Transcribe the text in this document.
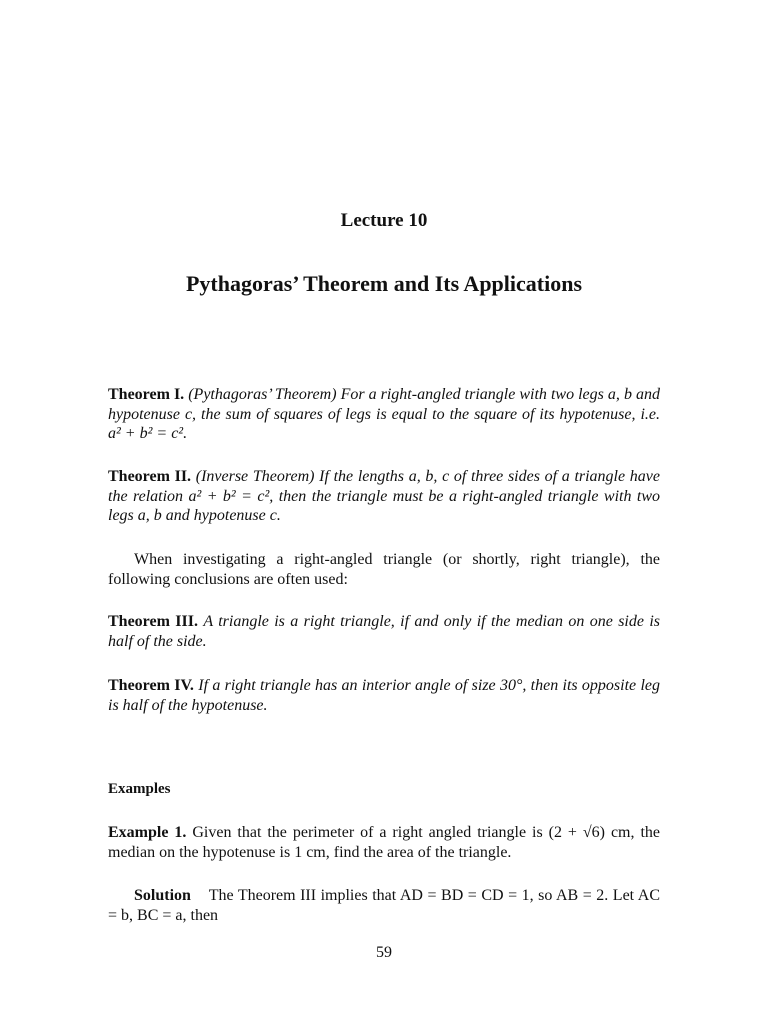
Lecture 10
Pythagoras’ Theorem and Its Applications
Theorem I. (Pythagoras’ Theorem) For a right-angled triangle with two legs a, b and hypotenuse c, the sum of squares of legs is equal to the square of its hypotenuse, i.e. a² + b² = c².
Theorem II. (Inverse Theorem) If the lengths a, b, c of three sides of a triangle have the relation a² + b² = c², then the triangle must be a right-angled triangle with two legs a, b and hypotenuse c.
When investigating a right-angled triangle (or shortly, right triangle), the following conclusions are often used:
Theorem III. A triangle is a right triangle, if and only if the median on one side is half of the side.
Theorem IV. If a right triangle has an interior angle of size 30°, then its opposite leg is half of the hypotenuse.
Examples
Example 1. Given that the perimeter of a right angled triangle is (2 + √6) cm, the median on the hypotenuse is 1 cm, find the area of the triangle.
Solution    The Theorem III implies that AD = BD = CD = 1, so AB = 2. Let AC = b, BC = a, then
59
